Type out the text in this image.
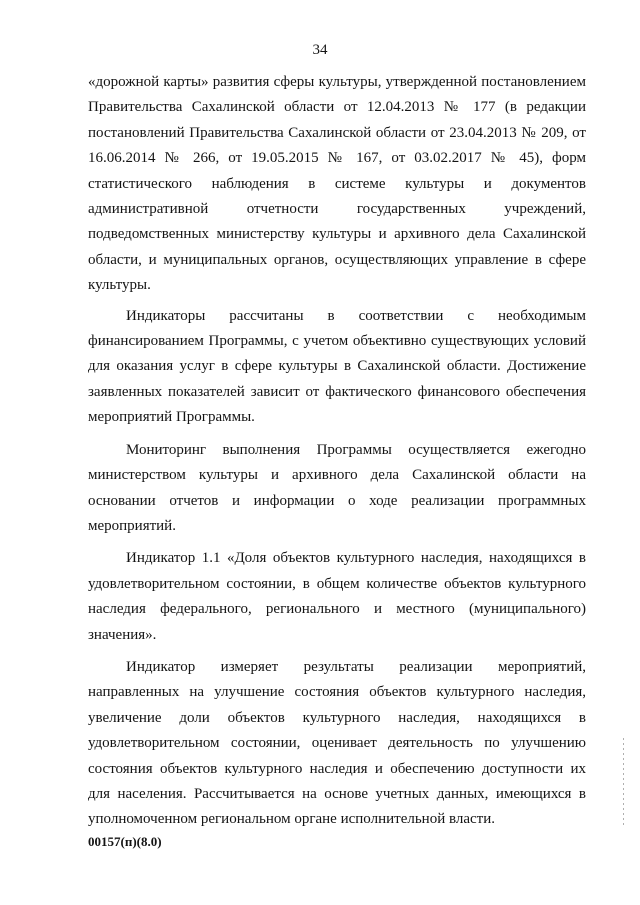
34

«дорожной карты» развития сферы культуры, утвержденной постановлением Правительства Сахалинской области от 12.04.2013 № 177 (в редакции постановлений Правительства Сахалинской области от 23.04.2013 № 209, от 16.06.2014 № 266, от 19.05.2015 № 167, от 03.02.2017 № 45), форм статистического наблюдения в системе культуры и документов административной отчетности государственных учреждений, подведомственных министерству культуры и архивного дела Сахалинской области, и муниципальных органов, осуществляющих управление в сфере культуры.

Индикаторы рассчитаны в соответствии с необходимым финансированием Программы, с учетом объективно существующих условий для оказания услуг в сфере культуры в Сахалинской области. Достижение заявленных показателей зависит от фактического финансового обеспечения мероприятий Программы.

Мониторинг выполнения Программы осуществляется ежегодно министерством культуры и архивного дела Сахалинской области на основании отчетов и информации о ходе реализации программных мероприятий.

Индикатор 1.1 «Доля объектов культурного наследия, находящихся в удовлетворительном состоянии, в общем количестве объектов культурного наследия федерального, регионального и местного (муниципального) значения».

Индикатор измеряет результаты реализации мероприятий, направленных на улучшение состояния объектов культурного наследия, увеличение доли объектов культурного наследия, находящихся в удовлетворительном состоянии, оценивает деятельность по улучшению состояния объектов культурного наследия и обеспечению доступности их для населения. Рассчитывается на основе учетных данных, имеющихся в уполномоченном региональном органе исполнительной власти.

00157(п)(8.0)
